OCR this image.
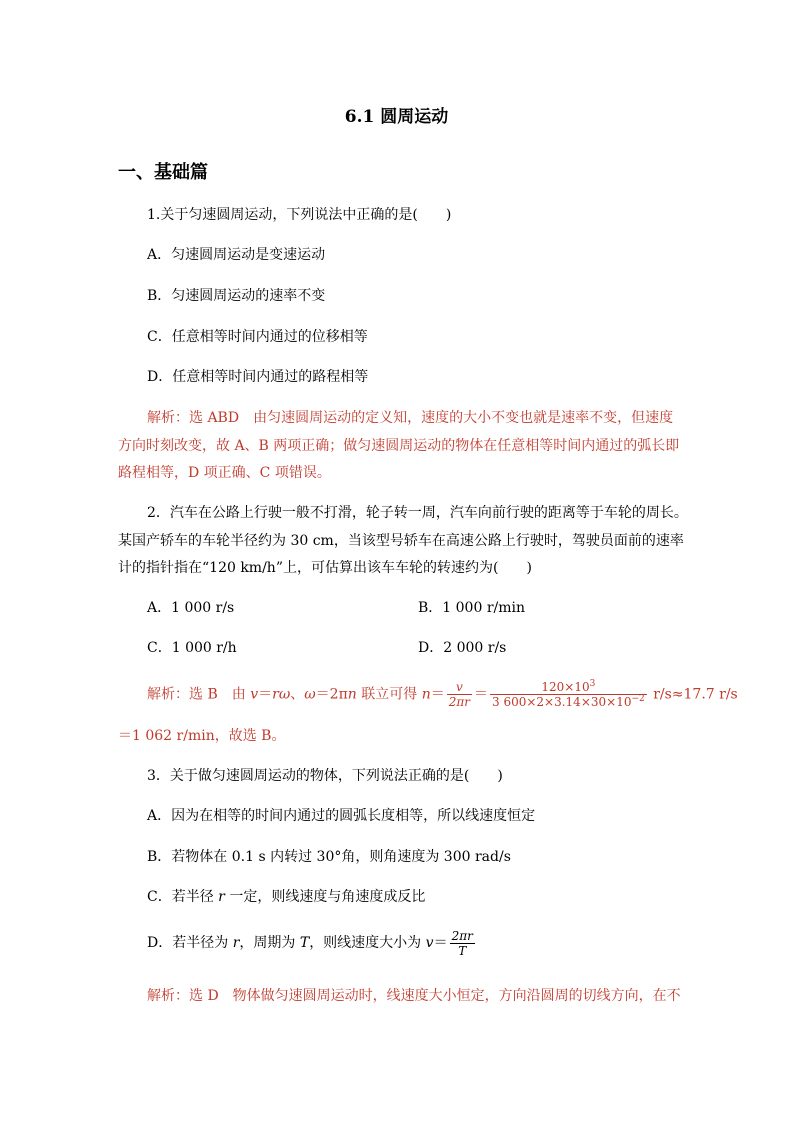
6.1 圆周运动
一、基础篇
1.关于匀速圆周运动，下列说法中正确的是(　　)
A．匀速圆周运动是变速运动
B．匀速圆周运动的速率不变
C．任意相等时间内通过的位移相等
D．任意相等时间内通过的路程相等
解析：选 ABD　由匀速圆周运动的定义知，速度的大小不变也就是速率不变，但速度
方向时刻改变，故 A、B 两项正确；做匀速圆周运动的物体在任意相等时间内通过的弧长即
路程相等，D 项正确、C 项错误。
2．汽车在公路上行驶一般不打滑，轮子转一周，汽车向前行驶的距离等于车轮的周长。
某国产轿车的车轮半径约为 30 cm，当该型号轿车在高速公路上行驶时，驾驶员面前的速率
计的指针指在“120 km/h”上，可估算出该车车轮的转速约为(　　)
A．1 000 r/s	B．1 000 r/min
C．1 000 r/h	D．2 000 r/s
解析：选 B　由 v＝rω、ω＝2πn 联立可得 $n= \frac{v}{2\pi r} = \frac{120\times 10^3}{3 600\times 2\times 3.14\times 30\times 10^{-2}} r/s\approx 17.7$ r/s
＝1 062 r/min，故选 B。
3．关于做匀速圆周运动的物体，下列说法正确的是(　　)
A．因为在相等的时间内通过的圆弧长度相等，所以线速度恒定
B．若物体在 0.1 s 内转过 30°角，则角速度为 300 rad/s
C．若半径 r 一定，则线速度与角速度成反比
D．若半径为 r，周期为 T，则线速度大小为 $v= \frac{2\pi r}{T}$
解析：选 D　物体做匀速圆周运动时，线速度大小恒定，方向沿圆周的切线方向，在不
